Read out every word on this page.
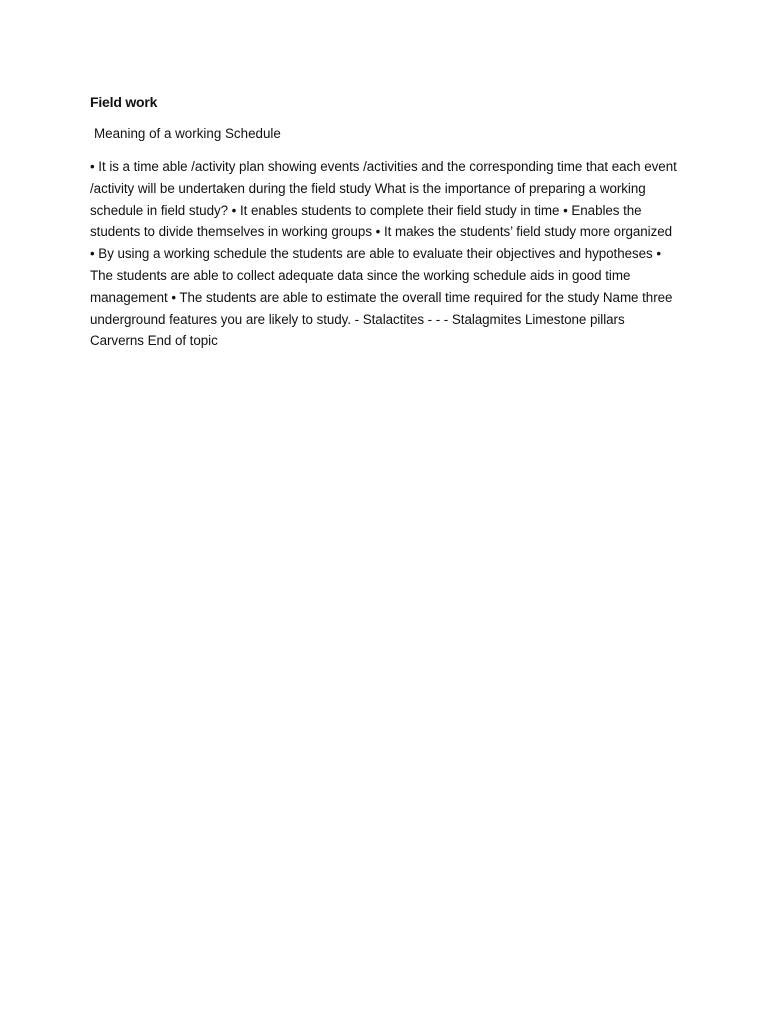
Field work

Meaning of a working Schedule

• It is a time able /activity plan showing events /activities and the corresponding time that each event /activity will be undertaken during the field study What is the importance of preparing a working schedule in field study? • It enables students to complete their field study in time • Enables the students to divide themselves in working groups • It makes the students’ field study more organized • By using a working schedule the students are able to evaluate their objectives and hypotheses • The students are able to collect adequate data since the working schedule aids in good time management • The students are able to estimate the overall time required for the study Name three underground features you are likely to study. - Stalactites - - - Stalagmites Limestone pillars Carverns End of topic
